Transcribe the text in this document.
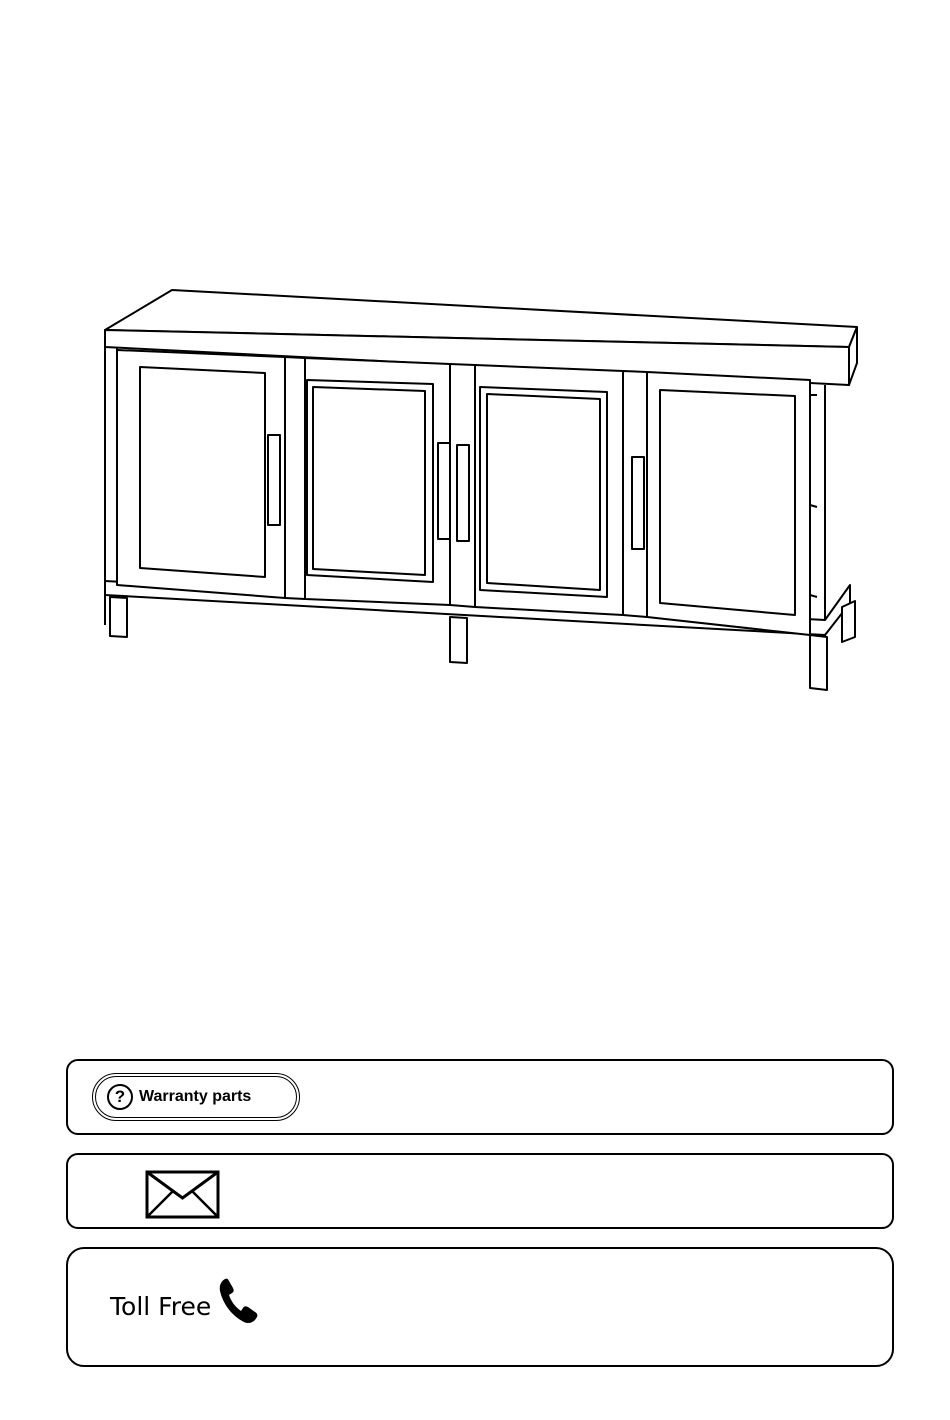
? Warranty parts
Toll Free
